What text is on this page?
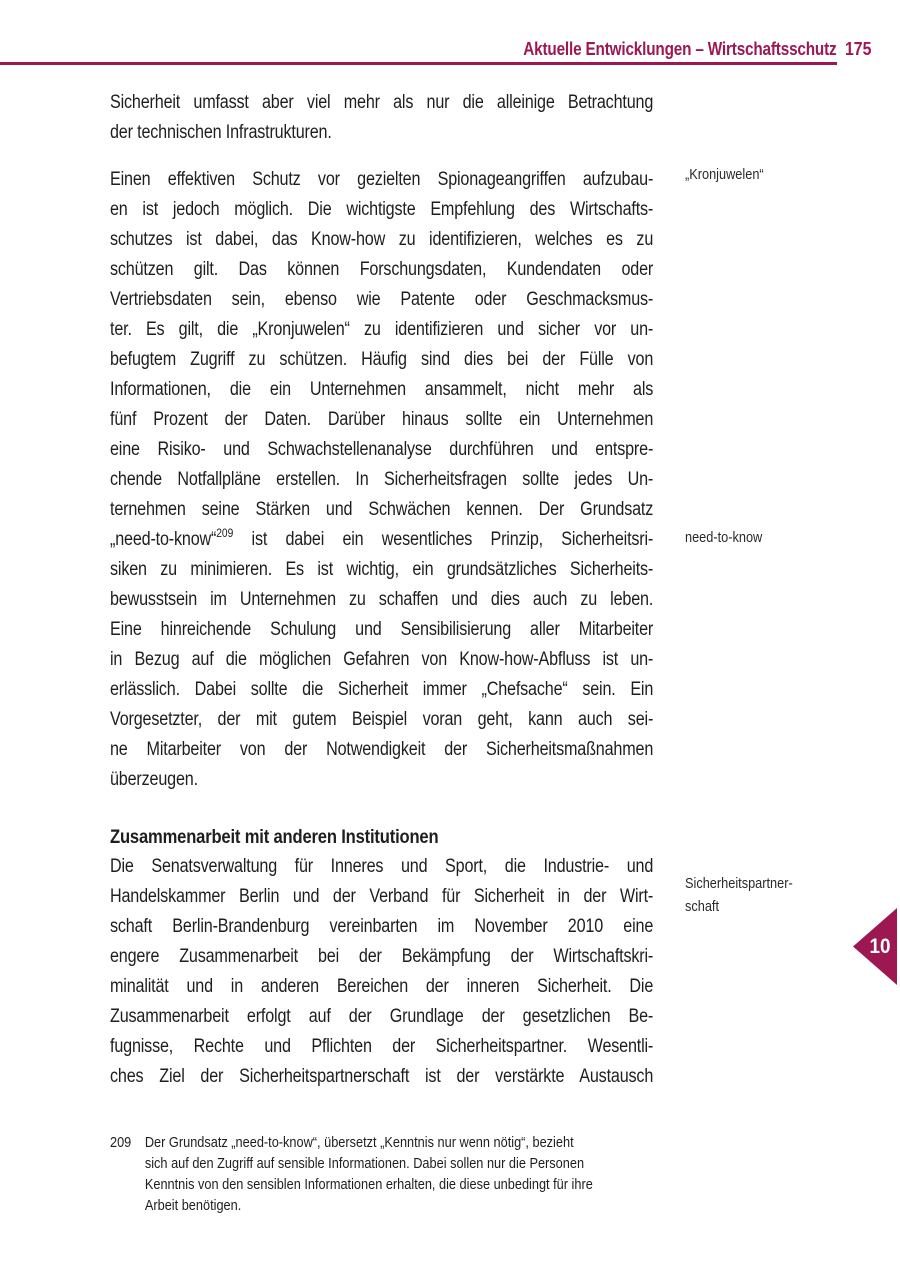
Aktuelle Entwicklungen – Wirtschaftsschutz 175
Sicherheit umfasst aber viel mehr als nur die alleinige Betrachtung
der technischen Infrastrukturen.
Einen effektiven Schutz vor gezielten Spionageangriffen aufzubau-
en ist jedoch möglich. Die wichtigste Empfehlung des Wirtschafts-
schutzes ist dabei, das Know-how zu identifizieren, welches es zu
schützen gilt. Das können Forschungsdaten, Kundendaten oder
Vertriebsdaten sein, ebenso wie Patente oder Geschmacksmus-
ter. Es gilt, die „Kronjuwelen“ zu identifizieren und sicher vor un-
befugtem Zugriff zu schützen. Häufig sind dies bei der Fülle von
Informationen, die ein Unternehmen ansammelt, nicht mehr als
fünf Prozent der Daten. Darüber hinaus sollte ein Unternehmen
eine Risiko- und Schwachstellenanalyse durchführen und entspre-
chende Notfallpläne erstellen. In Sicherheitsfragen sollte jedes Un-
ternehmen seine Stärken und Schwächen kennen. Der Grundsatz
„need-to-know“$^{209}$ ist dabei ein wesentliches Prinzip, Sicherheitsri-
siken zu minimieren. Es ist wichtig, ein grundsätzliches Sicherheits-
bewusstsein im Unternehmen zu schaffen und dies auch zu leben.
Eine hinreichende Schulung und Sensibilisierung aller Mitarbeiter
in Bezug auf die möglichen Gefahren von Know-how-Abfluss ist un-
erlässlich. Dabei sollte die Sicherheit immer „Chefsache“ sein. Ein
Vorgesetzter, der mit gutem Beispiel voran geht, kann auch sei-
ne Mitarbeiter von der Notwendigkeit der Sicherheitsmaßnahmen
überzeugen.
Zusammenarbeit mit anderen Institutionen
Die Senatsverwaltung für Inneres und Sport, die Industrie- und
Handelskammer Berlin und der Verband für Sicherheit in der Wirt-
schaft Berlin-Brandenburg vereinbarten im November 2010 eine
engere Zusammenarbeit bei der Bekämpfung der Wirtschaftskri-
minalität und in anderen Bereichen der inneren Sicherheit. Die
Zusammenarbeit erfolgt auf der Grundlage der gesetzlichen Be-
fugnisse, Rechte und Pflichten der Sicherheitspartner. Wesentli-
ches Ziel der Sicherheitspartnerschaft ist der verstärkte Austausch
209 Der Grundsatz „need-to-know“, übersetzt „Kenntnis nur wenn nötig“, bezieht
sich auf den Zugriff auf sensible Informationen. Dabei sollen nur die Personen
Kenntnis von den sensiblen Informationen erhalten, die diese unbedingt für ihre
Arbeit benötigen.
„Kronjuwelen“
need-to-know
Sicherheitspartner-
schaft
10
